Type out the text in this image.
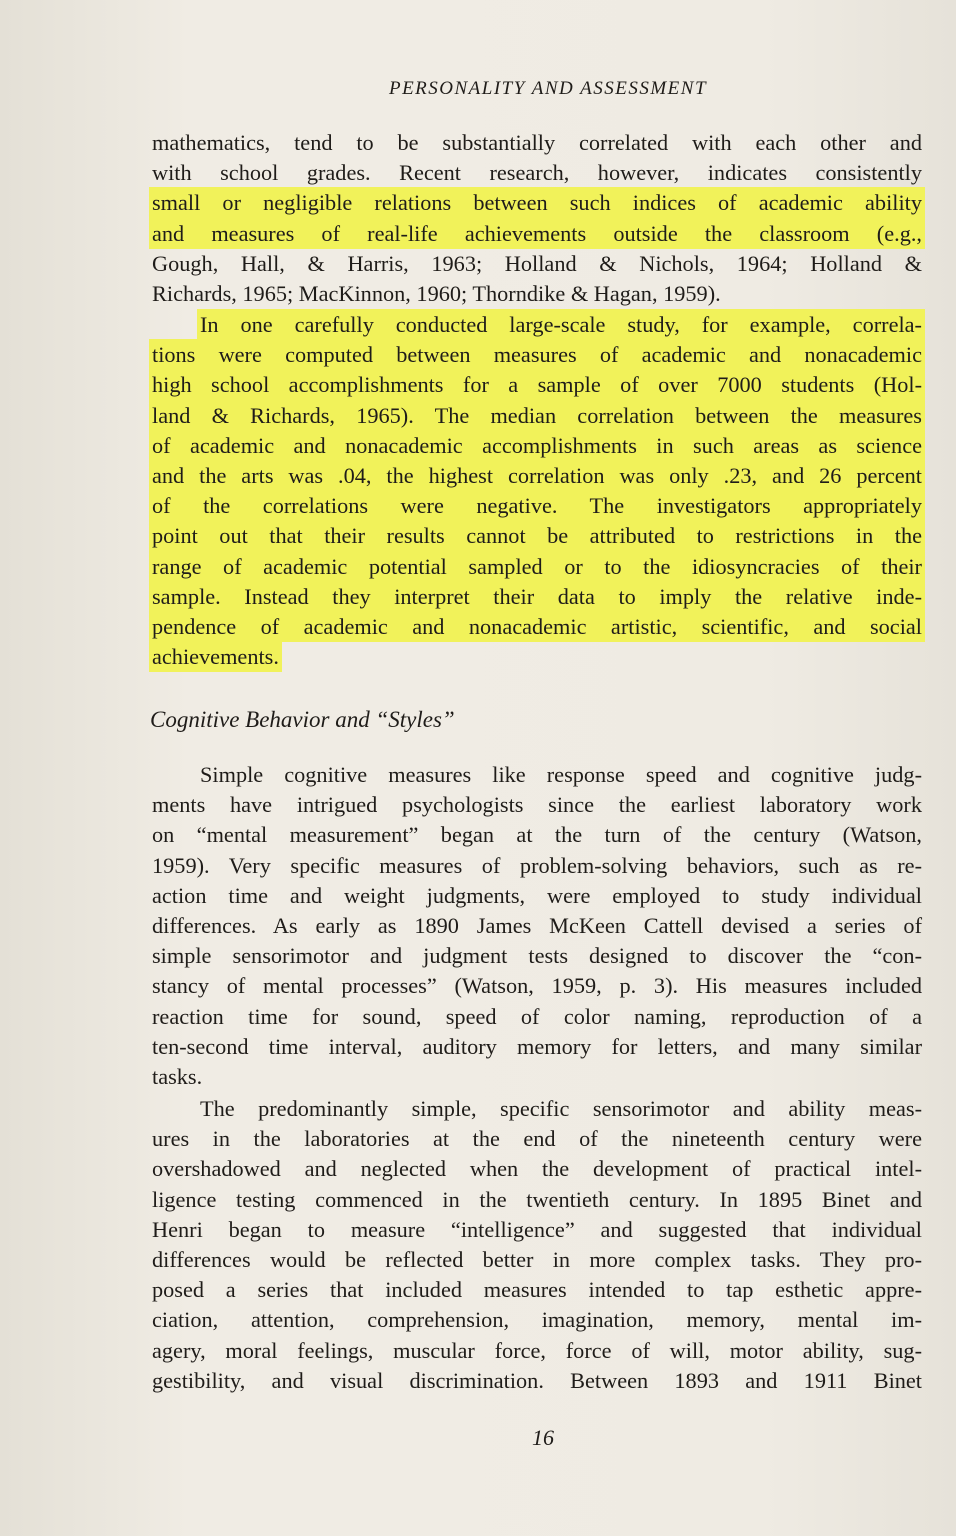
PERSONALITY AND ASSESSMENT
mathematics, tend to be substantially correlated with each other and
with school grades. Recent research, however, indicates consistently
small or negligible relations between such indices of academic ability
and measures of real-life achievements outside the classroom (e.g.,
Gough, Hall, & Harris, 1963; Holland & Nichols, 1964; Holland &
Richards, 1965; MacKinnon, 1960; Thorndike & Hagan, 1959).
In one carefully conducted large-scale study, for example, correla-
tions were computed between measures of academic and nonacademic
high school accomplishments for a sample of over 7000 students (Hol-
land & Richards, 1965). The median correlation between the measures
of academic and nonacademic accomplishments in such areas as science
and the arts was .04, the highest correlation was only .23, and 26 percent
of the correlations were negative. The investigators appropriately
point out that their results cannot be attributed to restrictions in the
range of academic potential sampled or to the idiosyncracies of their
sample. Instead they interpret their data to imply the relative inde-
pendence of academic and nonacademic artistic, scientific, and social
achievements.
Cognitive Behavior and “Styles”
Simple cognitive measures like response speed and cognitive judg-
ments have intrigued psychologists since the earliest laboratory work
on “mental measurement” began at the turn of the century (Watson,
1959). Very specific measures of problem-solving behaviors, such as re-
action time and weight judgments, were employed to study individual
differences. As early as 1890 James McKeen Cattell devised a series of
simple sensorimotor and judgment tests designed to discover the “con-
stancy of mental processes” (Watson, 1959, p. 3). His measures included
reaction time for sound, speed of color naming, reproduction of a
ten-second time interval, auditory memory for letters, and many similar
tasks.
The predominantly simple, specific sensorimotor and ability meas-
ures in the laboratories at the end of the nineteenth century were
overshadowed and neglected when the development of practical intel-
ligence testing commenced in the twentieth century. In 1895 Binet and
Henri began to measure “intelligence” and suggested that individual
differences would be reflected better in more complex tasks. They pro-
posed a series that included measures intended to tap esthetic appre-
ciation, attention, comprehension, imagination, memory, mental im-
agery, moral feelings, muscular force, force of will, motor ability, sug-
gestibility, and visual discrimination. Between 1893 and 1911 Binet
16
